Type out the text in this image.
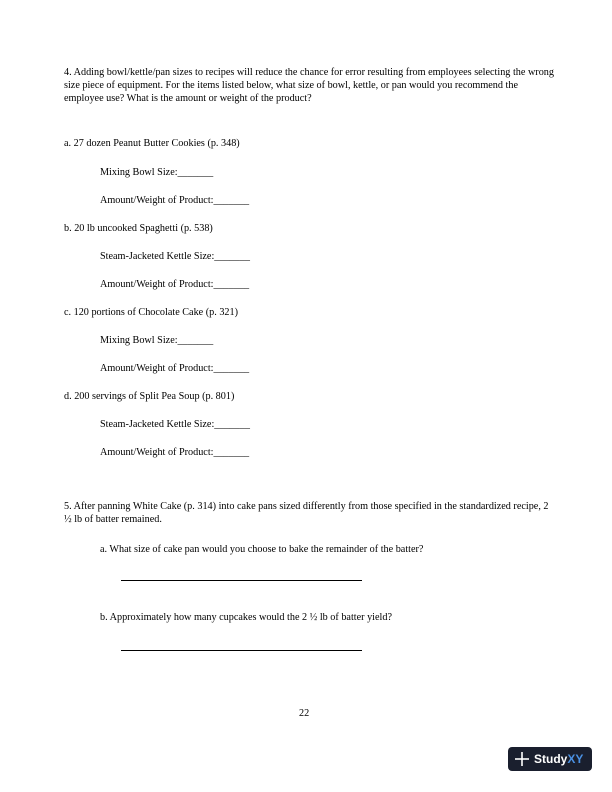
4. Adding bowl/kettle/pan sizes to recipes will reduce the chance for error resulting from employees selecting the wrong size piece of equipment. For the items listed below, what size of bowl, kettle, or pan would you recommend the employee use? What is the amount or weight of the product?
a. 27 dozen Peanut Butter Cookies (p. 348)
Mixing Bowl Size:_______
Amount/Weight of Product:_______
b. 20 lb uncooked Spaghetti (p. 538)
Steam-Jacketed Kettle Size:_______
Amount/Weight of Product:_______
c. 120 portions of Chocolate Cake (p. 321)
Mixing Bowl Size:_______
Amount/Weight of Product:_______
d. 200 servings of Split Pea Soup (p. 801)
Steam-Jacketed Kettle Size:_______
Amount/Weight of Product:_______
5. After panning White Cake (p. 314) into cake pans sized differently from those specified in the standardized recipe, 2 ½ lb of batter remained.
a. What size of cake pan would you choose to bake the remainder of the batter?
b. Approximately how many cupcakes would the 2 ½ lb of batter yield?
22
Study XY
